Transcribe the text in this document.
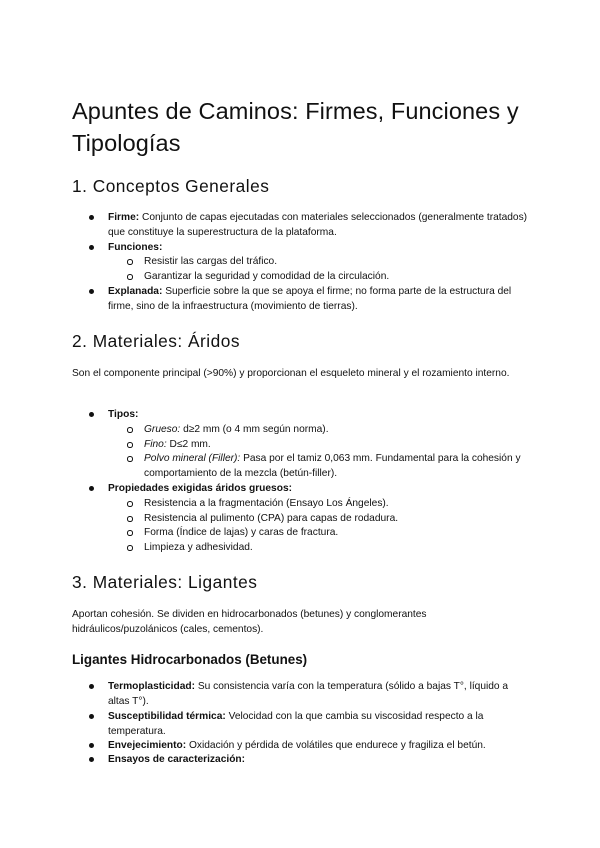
Apuntes de Caminos: Firmes, Funciones y Tipologías
1. Conceptos Generales
Firme: Conjunto de capas ejecutadas con materiales seleccionados (generalmente tratados) que constituye la superestructura de la plataforma.
Funciones:
Resistir las cargas del tráfico.
Garantizar la seguridad y comodidad de la circulación.
Explanada: Superficie sobre la que se apoya el firme; no forma parte de la estructura del firme, sino de la infraestructura (movimiento de tierras).
2. Materiales: Áridos

Son el componente principal (>90%) y proporcionan el esqueleto mineral y el rozamiento interno.

Tipos:
Grueso: d≥2 mm (o 4 mm según norma).
Fino: D≤2 mm.
Polvo mineral (Filler): Pasa por el tamiz 0,063 mm. Fundamental para la cohesión y comportamiento de la mezcla (betún-filler).
Propiedades exigidas áridos gruesos:
Resistencia a la fragmentación (Ensayo Los Ángeles).
Resistencia al pulimento (CPA) para capas de rodadura.
Forma (Índice de lajas) y caras de fractura.
Limpieza y adhesividad.
3. Materiales: Ligantes

Aportan cohesión. Se dividen en hidrocarbonados (betunes) y conglomerantes hidráulicos/puzolánicos (cales, cementos).

Ligantes Hidrocarbonados (Betunes)
Termoplasticidad: Su consistencia varía con la temperatura (sólido a bajas T°, líquido a altas T°).
Susceptibilidad térmica: Velocidad con la que cambia su viscosidad respecto a la temperatura.
Envejecimiento: Oxidación y pérdida de volátiles que endurece y fragiliza el betún.
Ensayos de caracterización:
